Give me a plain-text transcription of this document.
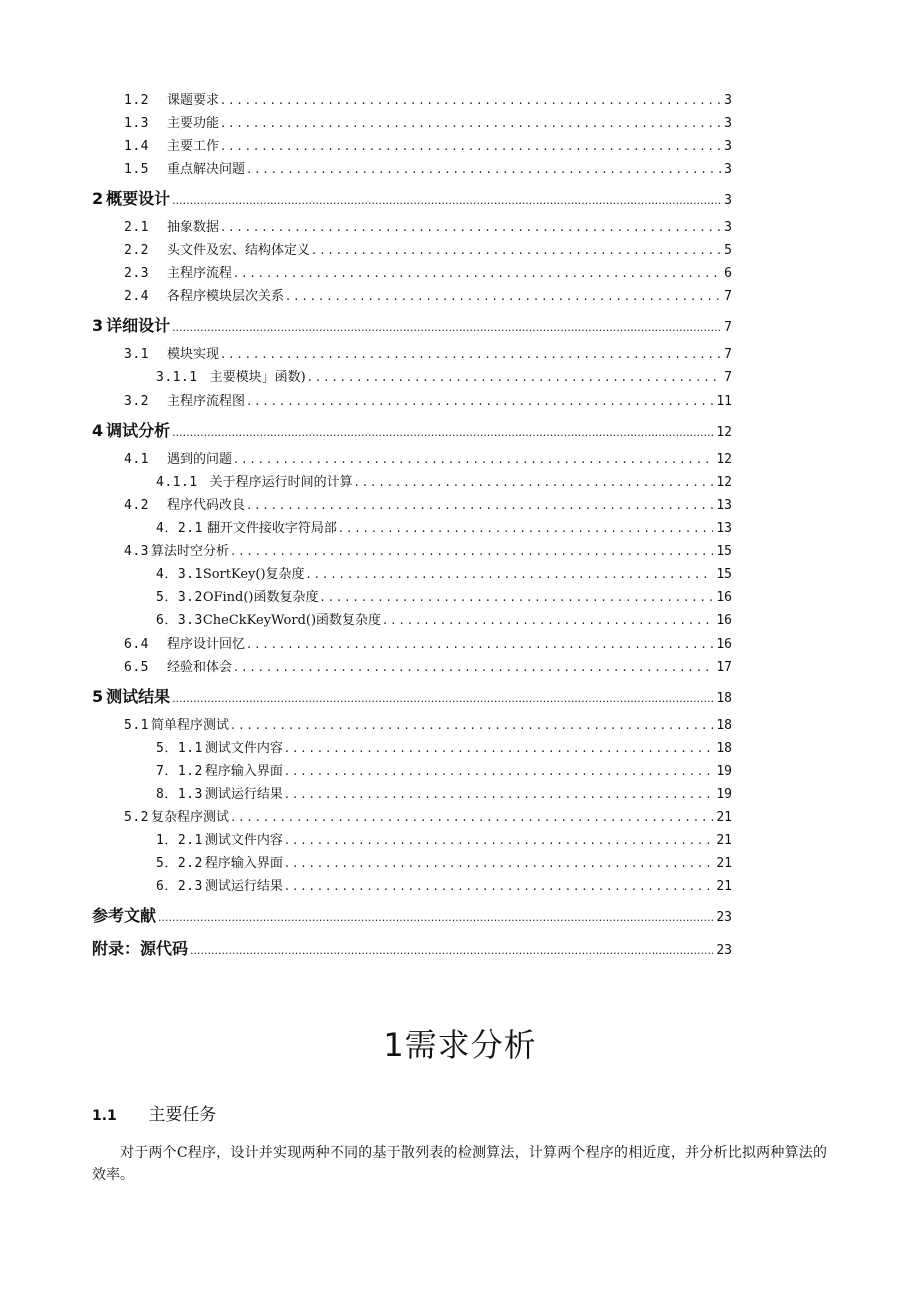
1.2 课题要求 . . .	3
1.3 主要功能 . . .	3
1.4 主要工作 . . .	3
1.5 重点解决问题 . . .	3
2 概要设计 .....	3
2.1 抽象数据 . . .	3
2.2 头文件及宏、结构体定义 . . .	5
2.3 主程序流程 . . .	6
2.4 各程序模块层次关系 . . .	7
3 详细设计 .....	7
3.1 模块实现 . . .	7
3.1.1 主要模块」函数) . . .	7
3.2 主程序流程图 . . .	11
4 调试分析 .....	12
4.1 遇到的问题 . . .	12
4.1.1 关于程序运行时间的计算 . . .	12
4.2 程序代码改良 . . .	13
4．2.1 翻开文件接收字符局部 . . .	13
4.3 算法时空分析 . . .	15
4．3.1 SortKey()复杂度 . . .	15
5．3.2 OFind()函数复杂度 . . .	16
6．3.3 CheCkKeyWord()函数复杂度 . . .	16
6.4 程序设计回忆 . . .	16
6.5 经验和体会 . . .	17
5 测试结果 .....	18
5.1 简单程序测试 . . .	18
5．1.1 测试文件内容 . . .	18
7．1.2 程序输入界面 . . .	19
8．1.3 测试运行结果 . . .	19
5.2 复杂程序测试 . . .	21
1．2.1 测试文件内容 . . .	21
5．2.2 程序输入界面 . . .	21
6．2.3 测试运行结果 . . .	21
参考文献 .....	23
附录：源代码 .....	23
1需求分析
1.1 主要任务
对于两个C程序，设计并实现两种不同的基于散列表的检测算法，计算两个程序的相近度，并分析比拟两种算法的效率。
